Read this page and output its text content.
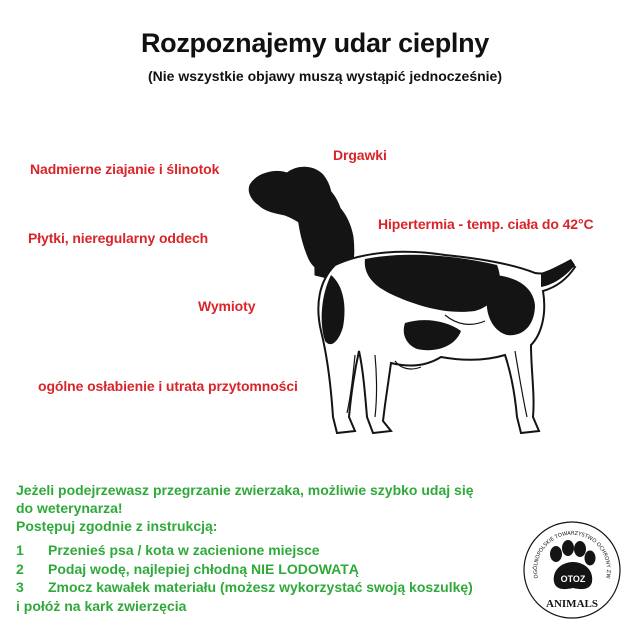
Rozpoznajemy udar cieplny
(Nie wszystkie objawy muszą wystąpić jednocześnie)
Nadmierne ziajanie i ślinotok
Drgawki
Hipertermia - temp. ciała do 42°C
Płytki, nieregularny oddech
Wymioty
ogólne osłabienie i utrata przytomności

Jeżeli podejrzewasz przegrzanie zwierzaka, możliwie szybko udaj się

do weterynarza!

Postępuj zgodnie z instrukcją:

1	Przenieś psa / kota w zacienione miejsce
2	Podaj wodę, najlepiej chłodną NIE LODOWATĄ
3	Zmocz kawałek materiału (możesz wykorzystać swoją koszulkę)
i połóż na kark zwierzęcia
OGÓLNOPOLSKIE TOWARZYSTWO OCHRONY ZW
OTOZ
ANIMALS
